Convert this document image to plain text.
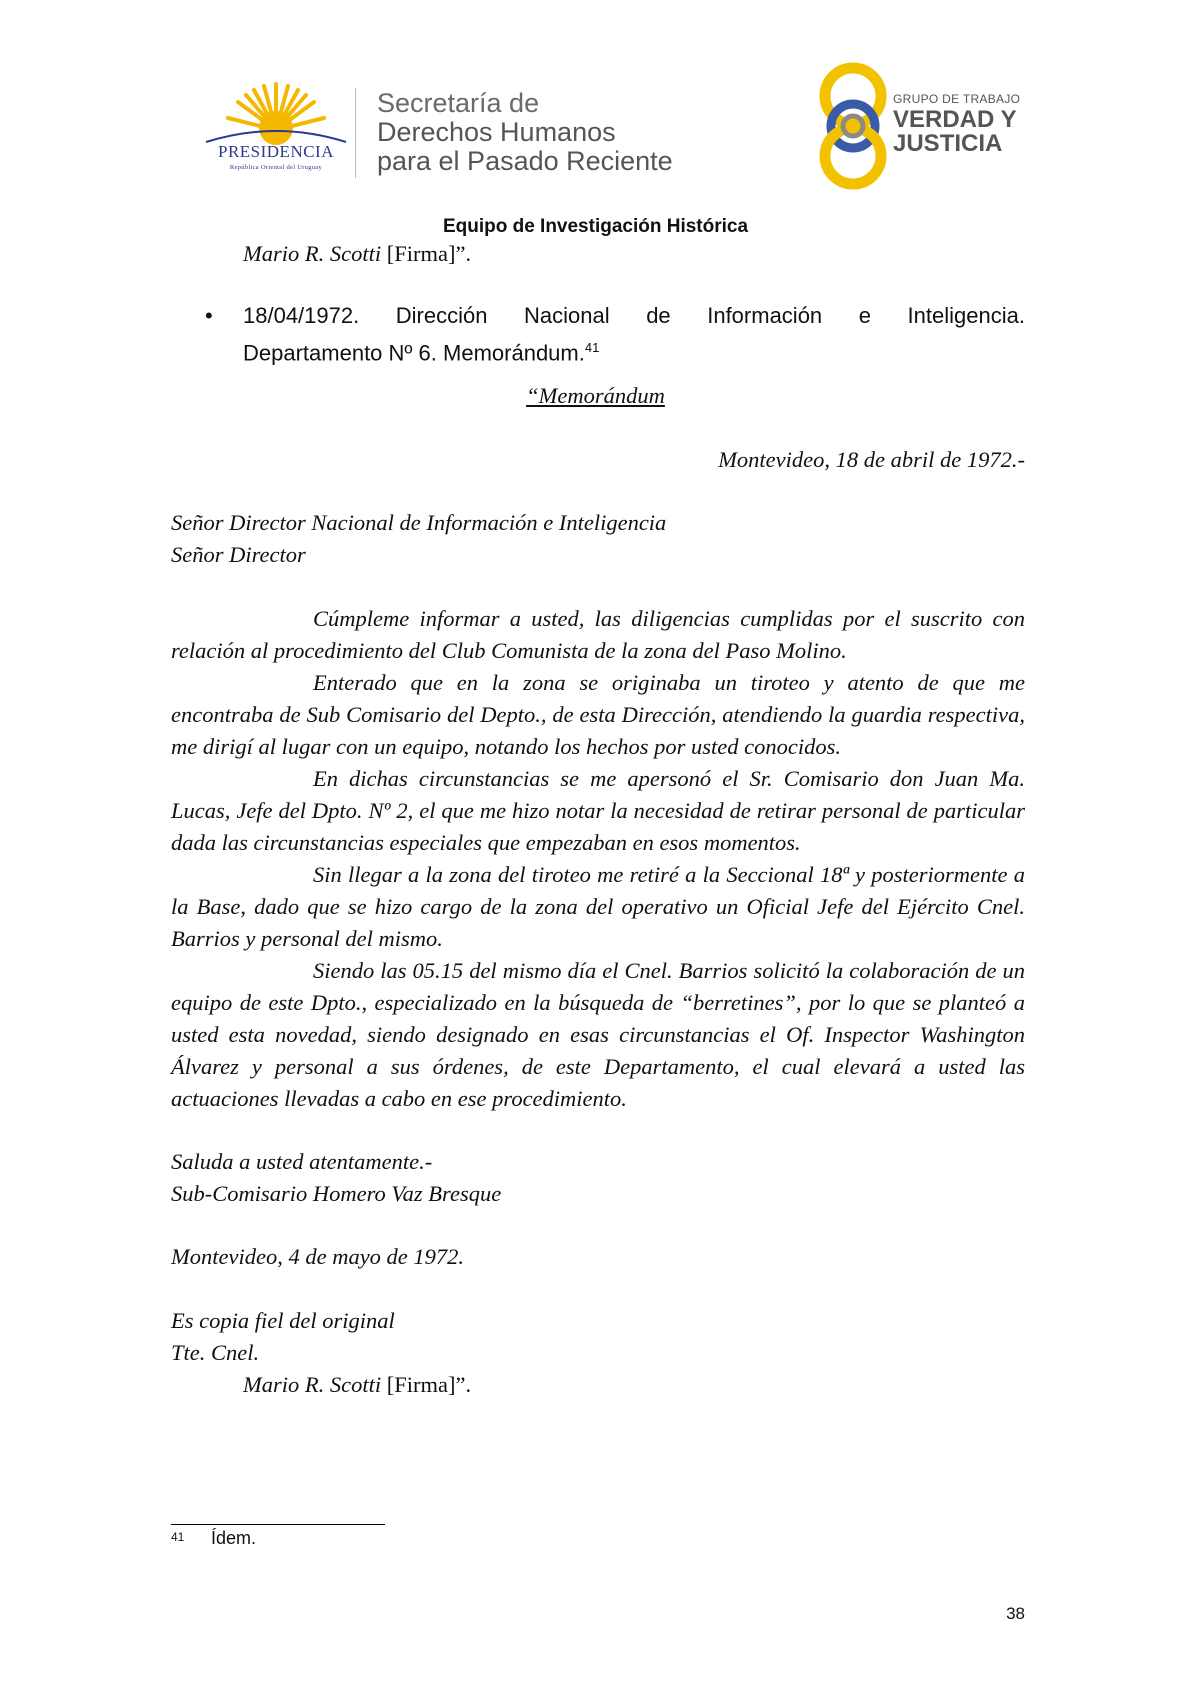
PRESIDENCIA
República Oriental del Uruguay
Secretaría de
Derechos Humanos
para el Pasado Reciente
GRUPO DE TRABAJO
VERDAD Y
JUSTICIA
Equipo de Investigación Histórica
Mario R. Scotti [Firma]”.
• 18/04/1972. Dirección Nacional de Información e Inteligencia.
Departamento Nº 6. Memorándum.$^{41}$
“Memorándum
Montevideo, 18 de abril de 1972.-
Señor Director Nacional de Información e Inteligencia
Señor Director

Cúmpleme informar a usted, las diligencias cumplidas por el suscrito con relación al procedimiento del Club Comunista de la zona del Paso Molino.

Enterado que en la zona se originaba un tiroteo y atento de que me encontraba de Sub Comisario del Depto., de esta Dirección, atendiendo la guardia respectiva, me dirigí al lugar con un equipo, notando los hechos por usted conocidos.

En dichas circunstancias se me apersonó el Sr. Comisario don Juan Ma. Lucas, Jefe del Dpto. Nº 2, el que me hizo notar la necesidad de retirar personal de particular dada las circunstancias especiales que empezaban en esos momentos.

Sin llegar a la zona del tiroteo me retiré a la Seccional 18ª y posteriormente a la Base, dado que se hizo cargo de la zona del operativo un Oficial Jefe del Ejército Cnel. Barrios y personal del mismo.

Siendo las 05.15 del mismo día el Cnel. Barrios solicitó la colaboración de un equipo de este Dpto., especializado en la búsqueda de “berretines”, por lo que se planteó a usted esta novedad, siendo designado en esas circunstancias el Of. Inspector Washington Álvarez y personal a sus órdenes, de este Departamento, el cual elevará a usted las actuaciones llevadas a cabo en ese procedimiento.

Saluda a usted atentamente.-
Sub-Comisario Homero Vaz Bresque
Montevideo, 4 de mayo de 1972.
Es copia fiel del original
Tte. Cnel.
Mario R. Scotti [Firma]”.
41 Ídem.
38
